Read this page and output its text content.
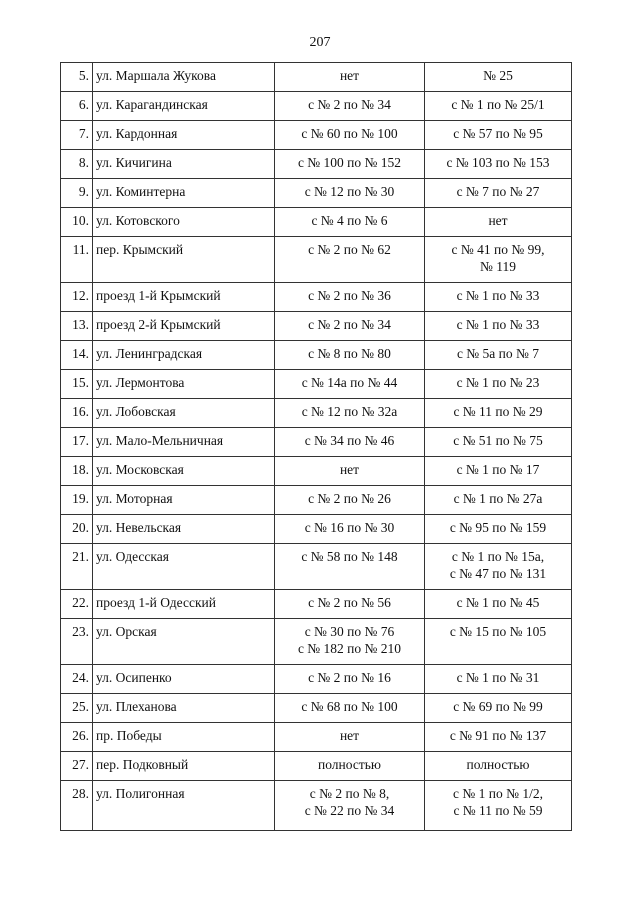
207
5.	ул. Маршала Жукова	нет	№ 25
6.	ул. Карагандинская	с № 2 по № 34	с № 1 по № 25/1
7.	ул. Кардонная	с № 60 по № 100	с № 57 по № 95
8.	ул. Кичигина	с № 100 по № 152	с № 103 по № 153
9.	ул. Коминтерна	с № 12 по № 30	с № 7 по № 27
10.	ул. Котовского	с № 4 по № 6	нет
11.	пер. Крымский	с № 2 по № 62	с № 41 по № 99,
№ 119
12.	проезд 1-й Крымский	с № 2 по № 36	с № 1 по № 33
13.	проезд 2-й Крымский	с № 2 по № 34	с № 1 по № 33
14.	ул. Ленинградская	с № 8 по № 80	с № 5а по № 7
15.	ул. Лермонтова	с № 14а по № 44	с № 1 по № 23
16.	ул. Лобовская	с № 12 по № 32а	с № 11 по № 29
17.	ул. Мало-Мельничная	с № 34 по № 46	с № 51 по № 75
18.	ул. Московская	нет	с № 1 по № 17
19.	ул. Моторная	с № 2 по № 26	с № 1 по № 27а
20.	ул. Невельская	с № 16 по № 30	с № 95 по № 159
21.	ул. Одесская	с № 58 по № 148	с № 1 по № 15а,
с № 47 по № 131
22.	проезд 1-й Одесский	с № 2 по № 56	с № 1 по № 45
23.	ул. Орская	с № 30 по № 76
с № 182 по № 210	с № 15 по № 105
24.	ул. Осипенко	с № 2 по № 16	с № 1 по № 31
25.	ул. Плеханова	с № 68 по № 100	с № 69 по № 99
26.	пр. Победы	нет	с № 91 по № 137
27.	пер. Подковный	полностью	полностью
28.	ул. Полигонная	с № 2 по № 8,
с № 22 по № 34	с № 1 по № 1/2,
с № 11 по № 59
